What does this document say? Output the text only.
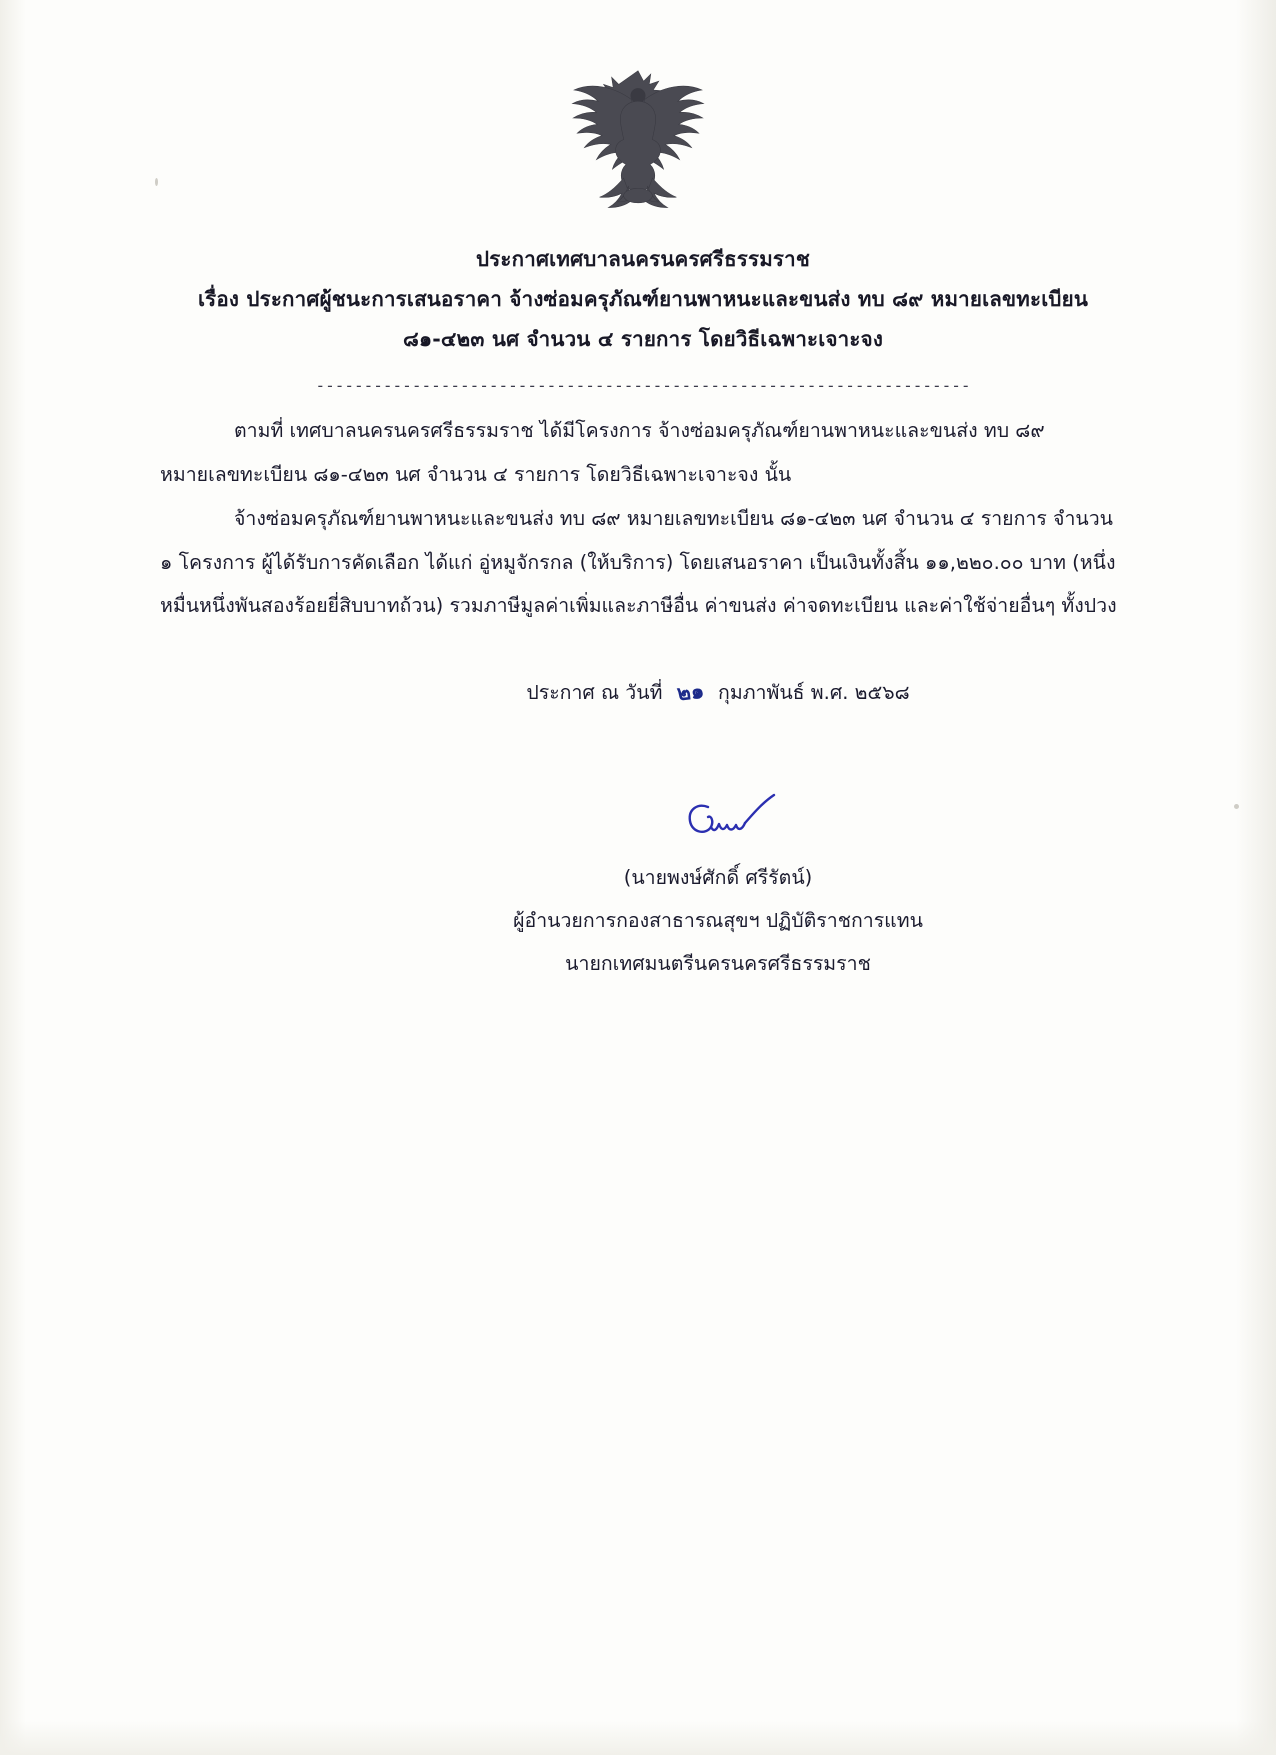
ประกาศเทศบาลนครนครศรีธรรมราช
เรื่อง ประกาศผู้ชนะการเสนอราคา จ้างซ่อมครุภัณฑ์ยานพาหนะและขนส่ง ทบ ๘๙ หมายเลขทะเบียน
๘๑-๔๒๓ นศ จำนวน ๔ รายการ โดยวิธีเฉพาะเจาะจง
--------------------------------------------------------------------

ตามที่ เทศบาลนครนครศรีธรรมราช ได้มีโครงการ จ้างซ่อมครุภัณฑ์ยานพาหนะและขนส่ง ทบ ๘๙ หมายเลขทะเบียน ๘๑-๔๒๓ นศ จำนวน ๔ รายการ โดยวิธีเฉพาะเจาะจง นั้น

จ้างซ่อมครุภัณฑ์ยานพาหนะและขนส่ง ทบ ๘๙ หมายเลขทะเบียน ๘๑-๔๒๓ นศ จำนวน ๔ รายการ จำนวน ๑ โครงการ ผู้ได้รับการคัดเลือก ได้แก่ อู่หมูจักรกล (ให้บริการ) โดยเสนอราคา เป็นเงินทั้งสิ้น ๑๑,๒๒๐.๐๐ บาท (หนึ่งหมื่นหนึ่งพันสองร้อยยี่สิบบาทถ้วน) รวมภาษีมูลค่าเพิ่มและภาษีอื่น ค่าขนส่ง ค่าจดทะเบียน และค่าใช้จ่ายอื่นๆ ทั้งปวง

ประกาศ ณ วันที่ ๒๑ กุมภาพันธ์ พ.ศ. ๒๕๖๘
(นายพงษ์ศักดิ์ ศรีรัตน์)
ผู้อำนวยการกองสาธารณสุขฯ ปฏิบัติราชการแทน
นายกเทศมนตรีนครนครศรีธรรมราช
